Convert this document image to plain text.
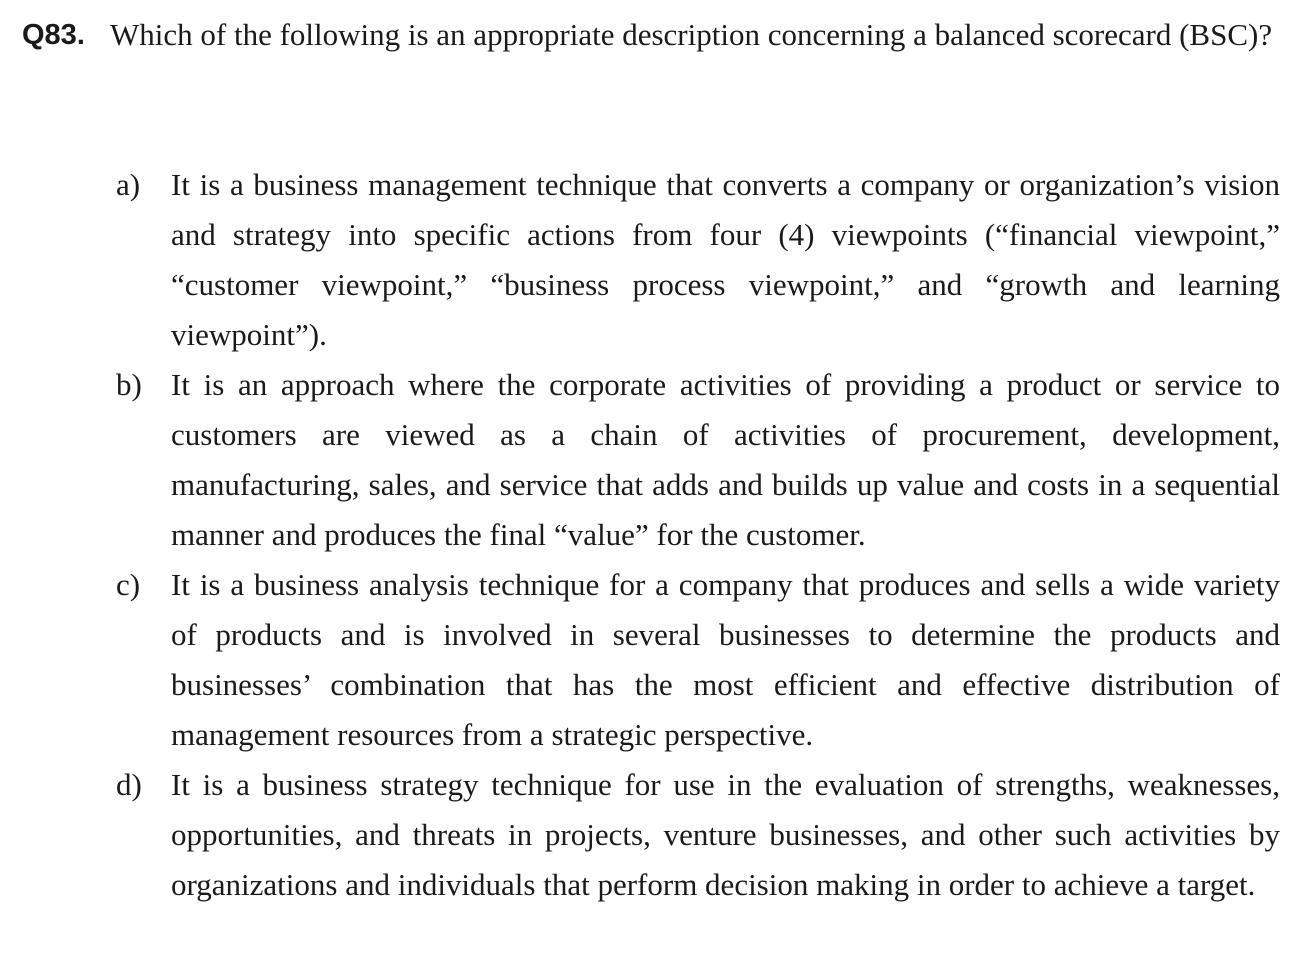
Q83. Which of the following is an appropriate description concerning a balanced scorecard (BSC)?
a) It is a business management technique that converts a company or organization’s vision and strategy into specific actions from four (4) viewpoints (“financial viewpoint,” “customer viewpoint,” “business process viewpoint,” and “growth and learning viewpoint”).
b) It is an approach where the corporate activities of providing a product or service to customers are viewed as a chain of activities of procurement, development, manufacturing, sales, and service that adds and builds up value and costs in a sequential manner and produces the final “value” for the customer.
c) It is a business analysis technique for a company that produces and sells a wide variety of products and is involved in several businesses to determine the products and businesses’ combination that has the most efficient and effective distribution of management resources from a strategic perspective.
d) It is a business strategy technique for use in the evaluation of strengths, weaknesses, opportunities, and threats in projects, venture businesses, and other such activities by organizations and individuals that perform decision making in order to achieve a target.
